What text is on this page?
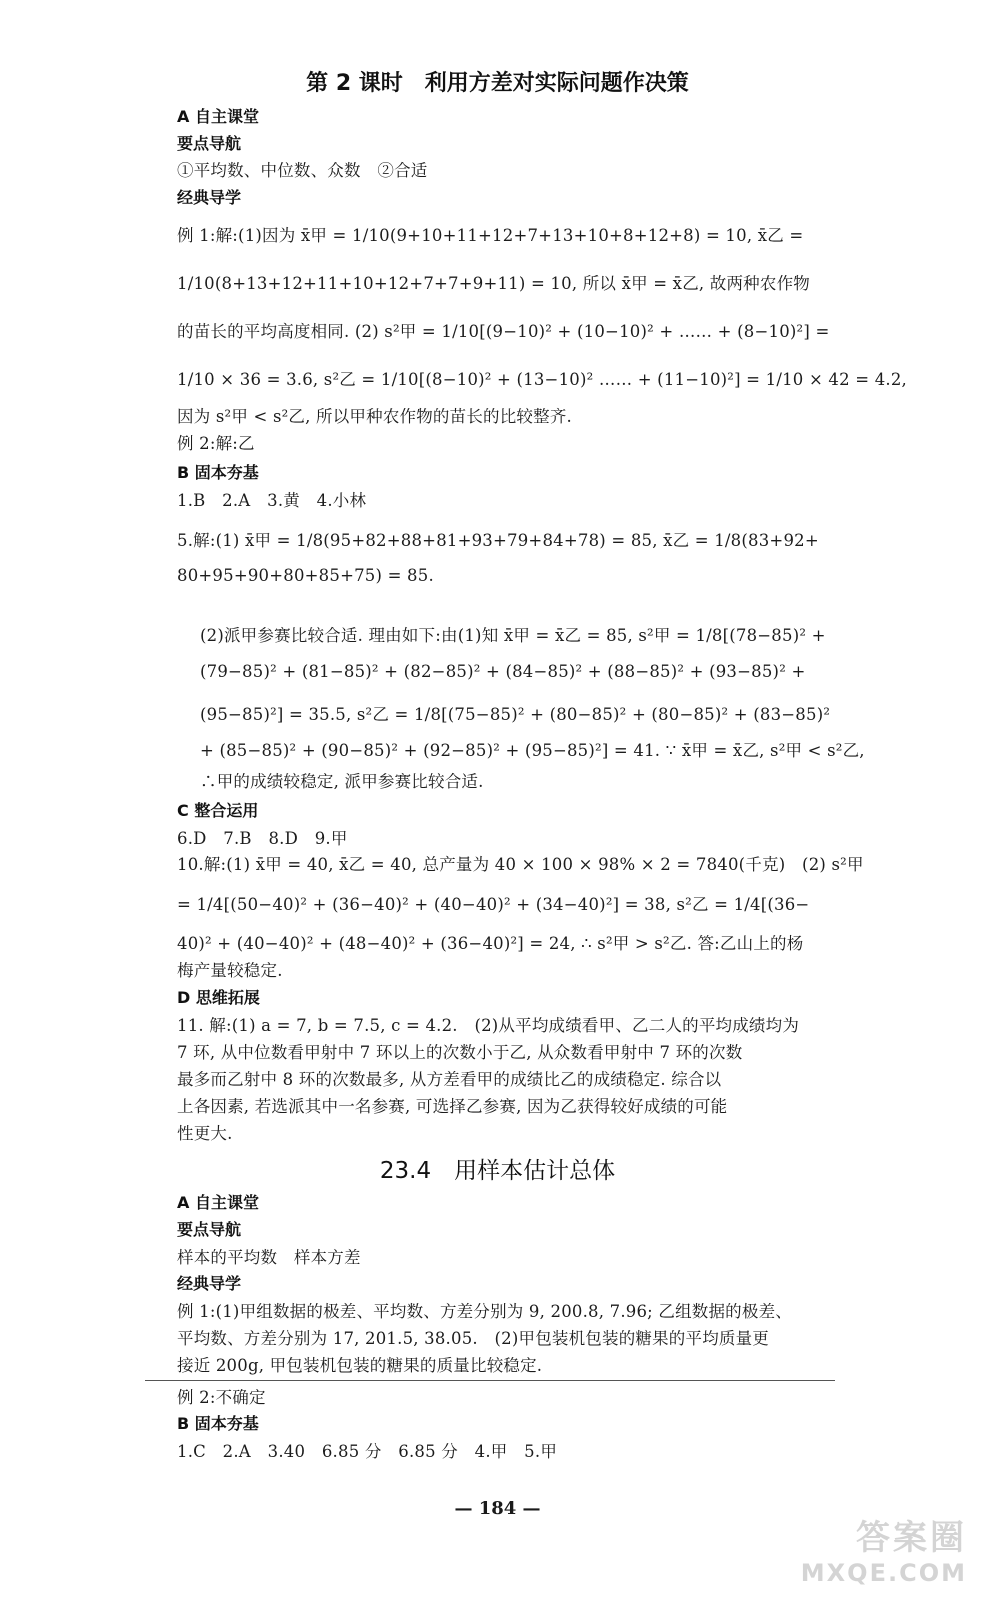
第 2 课时　利用方差对实际问题作决策
A 自主课堂
要点导航
①平均数、中位数、众数　②合适
经典导学
例 1:解:(1)因为 x̄甲 = 1/10(9+10+11+12+7+13+10+8+12+8) = 10, x̄乙 =
1/10(8+13+12+11+10+12+7+7+9+11) = 10, 所以 x̄甲 = x̄乙, 故两种农作物
的苗长的平均高度相同. (2) s²甲 = 1/10[(9−10)² + (10−10)² + …… + (8−10)²] =
1/10 × 36 = 3.6, s²乙 = 1/10[(8−10)² + (13−10)² …… + (11−10)²] = 1/10 × 42 = 4.2,
因为 s²甲 < s²乙, 所以甲种农作物的苗长的比较整齐.
例 2:解:乙
B 固本夯基
1.B　2.A　3.黄　4.小林
5.解:(1) x̄甲 = 1/8(95+82+88+81+93+79+84+78) = 85, x̄乙 = 1/8(83+92+
80+95+90+80+85+75) = 85.
(2)派甲参赛比较合适. 理由如下:由(1)知 x̄甲 = x̄乙 = 85, s²甲 = 1/8[(78−85)² +
(79−85)² + (81−85)² + (82−85)² + (84−85)² + (88−85)² + (93−85)² +
(95−85)²] = 35.5, s²乙 = 1/8[(75−85)² + (80−85)² + (80−85)² + (83−85)²
+ (85−85)² + (90−85)² + (92−85)² + (95−85)²] = 41. ∵ x̄甲 = x̄乙, s²甲 < s²乙,
∴甲的成绩较稳定, 派甲参赛比较合适.
C 整合运用
6.D　7.B　8.D　9.甲
10.解:(1) x̄甲 = 40, x̄乙 = 40, 总产量为 40 × 100 × 98% × 2 = 7840(千克)　(2) s²甲
= 1/4[(50−40)² + (36−40)² + (40−40)² + (34−40)²] = 38, s²乙 = 1/4[(36−
40)² + (40−40)² + (48−40)² + (36−40)²] = 24, ∴ s²甲 > s²乙. 答:乙山上的杨
梅产量较稳定.
D 思维拓展
11. 解:(1) a = 7, b = 7.5, c = 4.2.　(2)从平均成绩看甲、乙二人的平均成绩均为
7 环, 从中位数看甲射中 7 环以上的次数小于乙, 从众数看甲射中 7 环的次数
最多而乙射中 8 环的次数最多, 从方差看甲的成绩比乙的成绩稳定. 综合以
上各因素, 若选派其中一名参赛, 可选择乙参赛, 因为乙获得较好成绩的可能
性更大.
23.4　用样本估计总体
A 自主课堂
要点导航
样本的平均数　样本方差
经典导学
例 1:(1)甲组数据的极差、平均数、方差分别为 9, 200.8, 7.96; 乙组数据的极差、
平均数、方差分别为 17, 201.5, 38.05.　(2)甲包装机包装的糖果的平均质量更
接近 200g, 甲包装机包装的糖果的质量比较稳定.
例 2:不确定
B 固本夯基
1.C　2.A　3.40　6.85 分　6.85 分　4.甲　5.甲
— 184 —
答案圈
MXQE.COM
